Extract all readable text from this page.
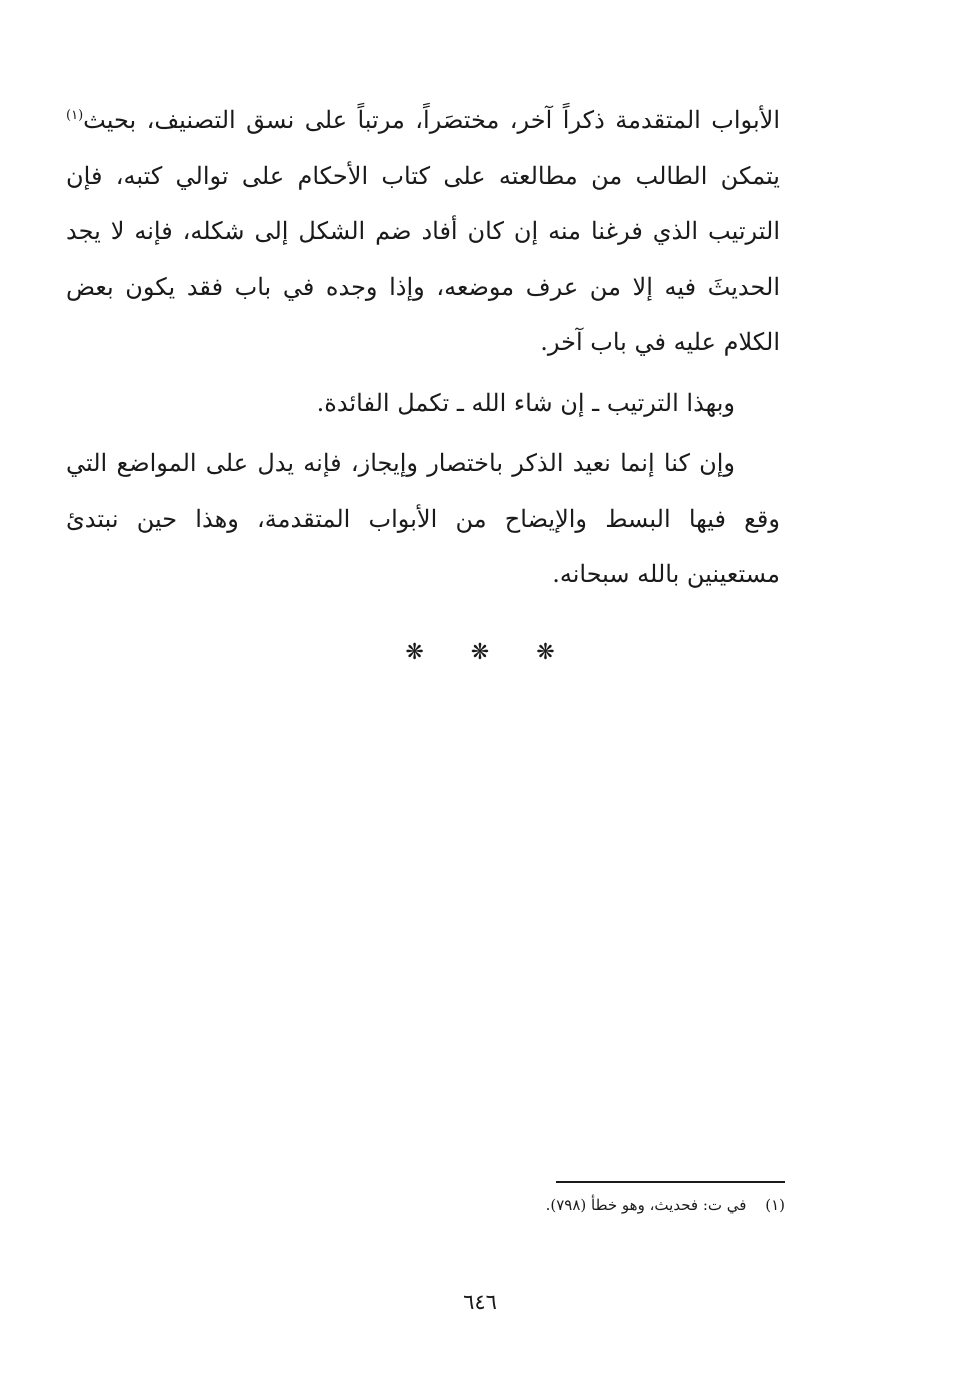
الأبواب المتقدمة ذكراً آخر، مختصَراً، مرتباً على نسق التصنيف، بحيث$^{(١)}$ يتمكن الطالب من مطالعته على كتاب الأحكام على توالي كتبه، فإن الترتيب الذي فرغنا منه إن كان أفاد ضم الشكل إلى شكله، فإنه لا يجد الحديثَ فيه إلا من عرف موضعه، وإذا وجده في باب فقد يكون بعض الكلام عليه في باب آخر.

وبهذا الترتيب ـ إن شاء الله ـ تكمل الفائدة.

وإن كنا إنما نعيد الذكر باختصار وإيجاز، فإنه يدل على المواضع التي وقع فيها البسط والإيضاح من الأبواب المتقدمة، وهذا حين نبتدئ مستعينين بالله سبحانه.

❋ ❋ ❋
(١) في ت: فحديث، وهو خطأ (٧٩٨).
٦٤٦
